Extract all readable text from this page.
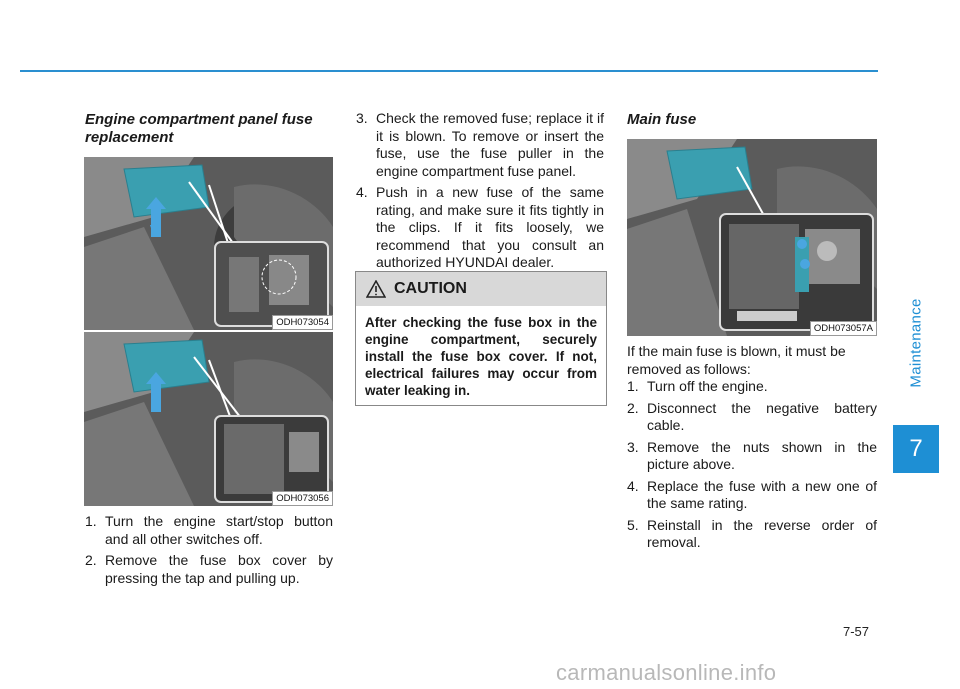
Maintenance
7
Engine compartment panel fuse replacement
ODH073054
ODH073056
1. Turn the engine start/stop button and all other switches off.
2. Remove the fuse box cover by pressing the tap and pulling up.
3. Check the removed fuse; replace it if it is blown. To remove or insert the fuse, use the fuse puller in the engine compartment fuse panel.
4. Push in a new fuse of the same rating, and make sure it fits tightly in the clips. If it fits loosely, we recommend that you consult an authorized HYUNDAI dealer.
CAUTION
After checking the fuse box in the engine compartment, securely install the fuse box cover. If not, electrical failures may occur from water leaking in.
Main fuse
ODH073057A

If the main fuse is blown, it must be removed as follows:

1. Turn off the engine.
2. Disconnect the negative battery cable.
3. Remove the nuts shown in the picture above.
4. Replace the fuse with a new one of the same rating.
5. Reinstall in the reverse order of removal.
7-57
carmanualsonline.info
